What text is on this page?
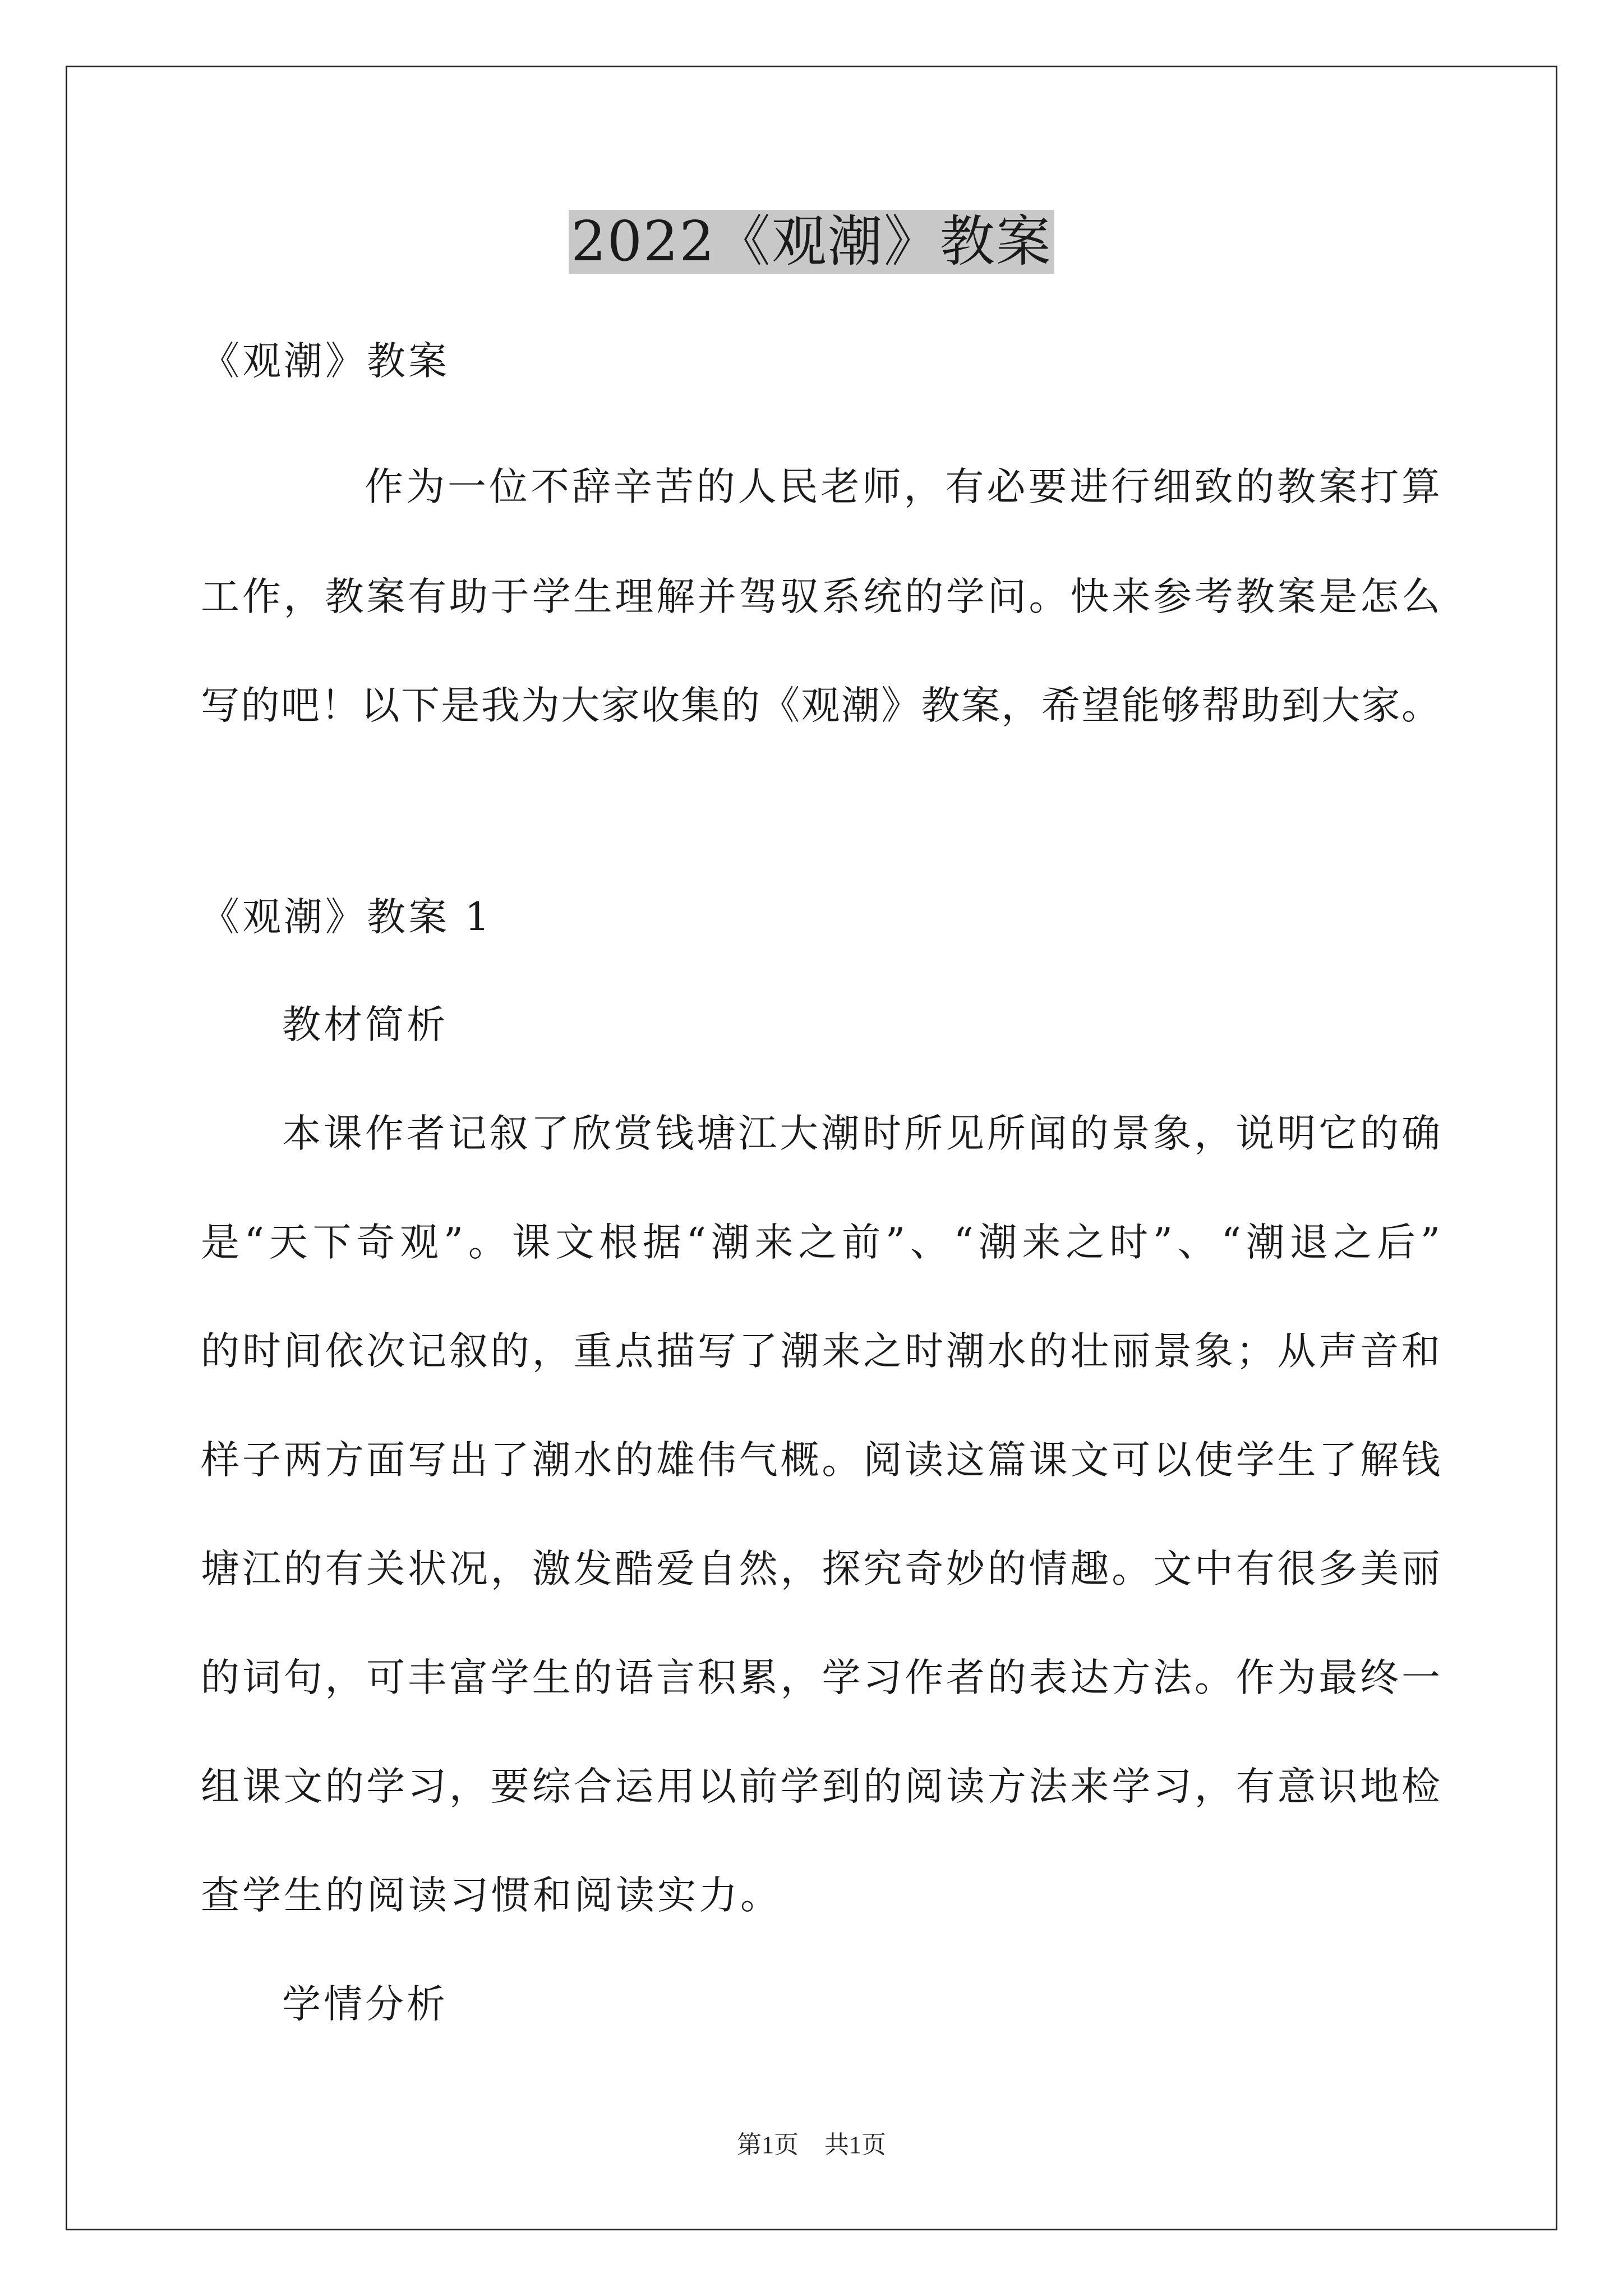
2022《观潮》教案
《观潮》教案
作为一位不辞辛苦的人民老师，有必要进行细致的教案打算
工作，教案有助于学生理解并驾驭系统的学问。快来参考教案是怎么
写的吧！以下是我为大家收集的《观潮》教案，希望能够帮助到大家。
《观潮》教案 1
教材简析
本课作者记叙了欣赏钱塘江大潮时所见所闻的景象，说明它的确
是“天下奇观”。课文根据“潮来之前”、“潮来之时”、“潮退之后”
的时间依次记叙的，重点描写了潮来之时潮水的壮丽景象；从声音和
样子两方面写出了潮水的雄伟气概。阅读这篇课文可以使学生了解钱
塘江的有关状况，激发酷爱自然，探究奇妙的情趣。文中有很多美丽
的词句，可丰富学生的语言积累，学习作者的表达方法。作为最终一
组课文的学习，要综合运用以前学到的阅读方法来学习，有意识地检
查学生的阅读习惯和阅读实力。
学情分析
第1页 共1页
